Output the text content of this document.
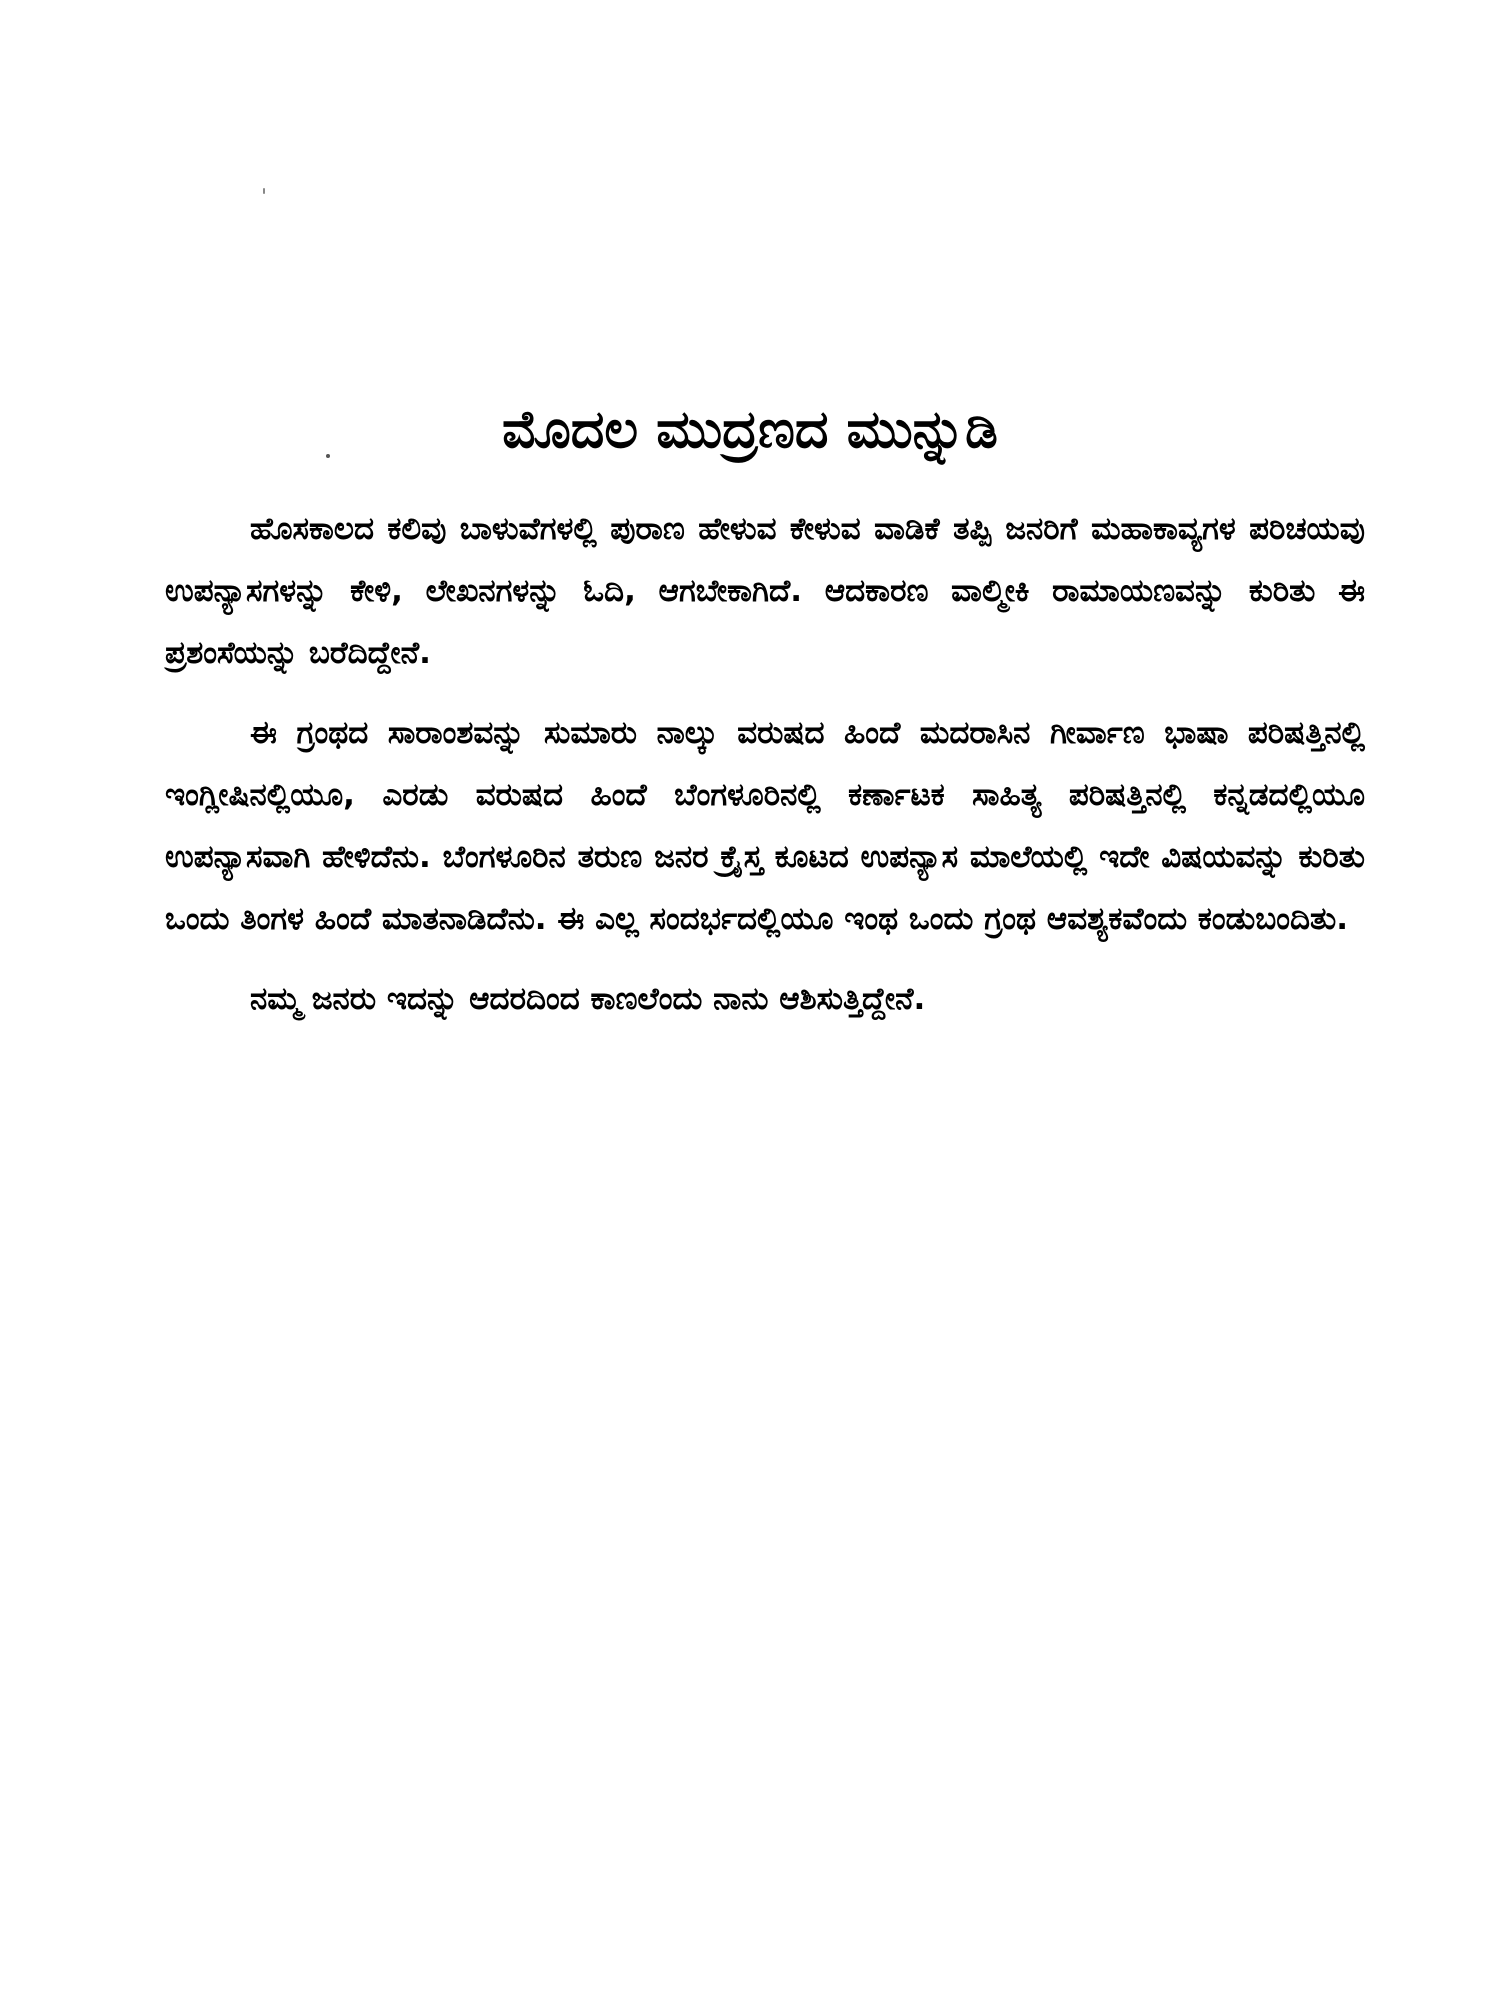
ಮೊದಲ ಮುದ್ರಣದ ಮುನ್ನುಡಿ

ಹೊಸಕಾಲದ ಕಲಿವು ಬಾಳುವೆಗಳಲ್ಲಿ ಪುರಾಣ ಹೇಳುವ ಕೇಳುವ ವಾಡಿಕೆ ತಪ್ಪಿ ಜನರಿಗೆ ಮಹಾಕಾವ್ಯಗಳ ಪರಿಚಯವು ಉಪನ್ಯಾಸಗಳನ್ನು ಕೇಳಿ, ಲೇಖನಗಳನ್ನು ಓದಿ, ಆಗಬೇಕಾಗಿದೆ. ಆದಕಾರಣ ವಾಲ್ಮೀಕಿ ರಾಮಾಯಣವನ್ನು ಕುರಿತು ಈ ಪ್ರಶಂಸೆಯನ್ನು ಬರೆದಿದ್ದೇನೆ.

ಈ ಗ್ರಂಥದ ಸಾರಾಂಶವನ್ನು ಸುಮಾರು ನಾಲ್ಕು ವರುಷದ ಹಿಂದೆ ಮದರಾಸಿನ ಗೀರ್ವಾಣ ಭಾಷಾ ಪರಿಷತ್ತಿನಲ್ಲಿ ಇಂಗ್ಲೀಷಿನಲ್ಲಿಯೂ, ಎರಡು ವರುಷದ ಹಿಂದೆ ಬೆಂಗಳೂರಿನಲ್ಲಿ ಕರ್ಣಾಟಕ ಸಾಹಿತ್ಯ ಪರಿಷತ್ತಿನಲ್ಲಿ ಕನ್ನಡದಲ್ಲಿಯೂ ಉಪನ್ಯಾಸವಾಗಿ ಹೇಳಿದೆನು. ಬೆಂಗಳೂರಿನ ತರುಣ ಜನರ ಕ್ರೈಸ್ತ ಕೂಟದ ಉಪನ್ಯಾಸ ಮಾಲೆಯಲ್ಲಿ ಇದೇ ವಿಷಯವನ್ನು ಕುರಿತು ಒಂದು ತಿಂಗಳ ಹಿಂದೆ ಮಾತನಾಡಿದೆನು. ಈ ಎಲ್ಲ ಸಂದರ್ಭದಲ್ಲಿಯೂ ಇಂಥ ಒಂದು ಗ್ರಂಥ ಆವಶ್ಯಕವೆಂದು ಕಂಡುಬಂದಿತು.

ನಮ್ಮ ಜನರು ಇದನ್ನು ಆದರದಿಂದ ಕಾಣಲೆಂದು ನಾನು ಆಶಿಸುತ್ತಿದ್ದೇನೆ.
